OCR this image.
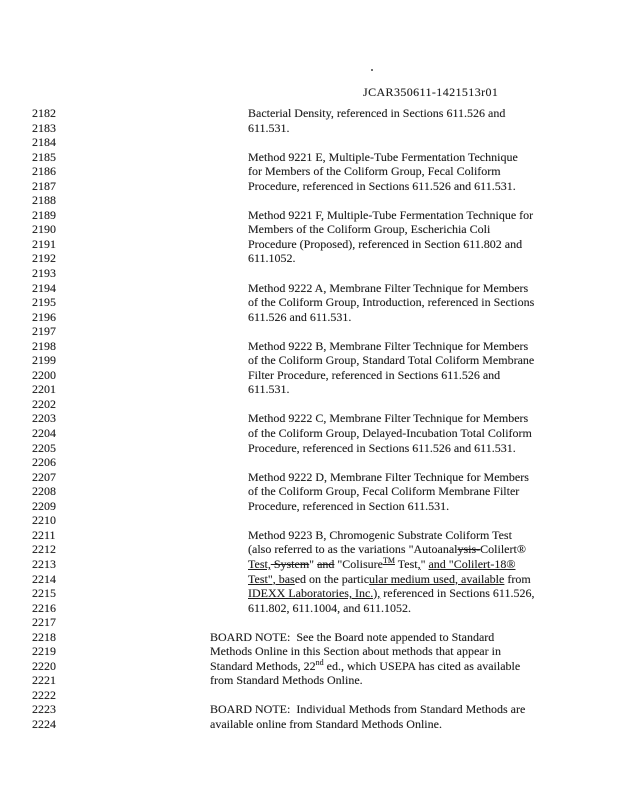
JCAR350611-1421513r01
2182	Bacterial Density, referenced in Sections 611.526 and
2183	611.531.
2184
2185	Method 9221 E, Multiple-Tube Fermentation Technique
2186	for Members of the Coliform Group, Fecal Coliform
2187	Procedure, referenced in Sections 611.526 and 611.531.
2188
2189	Method 9221 F, Multiple-Tube Fermentation Technique for
2190	Members of the Coliform Group, Escherichia Coli
2191	Procedure (Proposed), referenced in Section 611.802 and
2192	611.1052.
2193
2194	Method 9222 A, Membrane Filter Technique for Members
2195	of the Coliform Group, Introduction, referenced in Sections
2196	611.526 and 611.531.
2197
2198	Method 9222 B, Membrane Filter Technique for Members
2199	of the Coliform Group, Standard Total Coliform Membrane
2200	Filter Procedure, referenced in Sections 611.526 and
2201	611.531.
2202
2203	Method 9222 C, Membrane Filter Technique for Members
2204	of the Coliform Group, Delayed-Incubation Total Coliform
2205	Procedure, referenced in Sections 611.526 and 611.531.
2206
2207	Method 9222 D, Membrane Filter Technique for Members
2208	of the Coliform Group, Fecal Coliform Membrane Filter
2209	Procedure, referenced in Section 611.531.
2210
2211	Method 9223 B, Chromogenic Substrate Coliform Test
2212	(also referred to as the variations "Autoanalysis-Colilert®
2213	Test, System" and "Colisure™ Test," and "Colilert-18®
2214	Test", based on the particular medium used, available from
2215	IDEXX Laboratories, Inc.), referenced in Sections 611.526,
2216	611.802, 611.1004, and 611.1052.
2217
2218	BOARD NOTE:  See the Board note appended to Standard
2219	Methods Online in this Section about methods that appear in
2220	Standard Methods, 22nd ed., which USEPA has cited as available
2221	from Standard Methods Online.
2222
2223	BOARD NOTE:  Individual Methods from Standard Methods are
2224	available online from Standard Methods Online.
